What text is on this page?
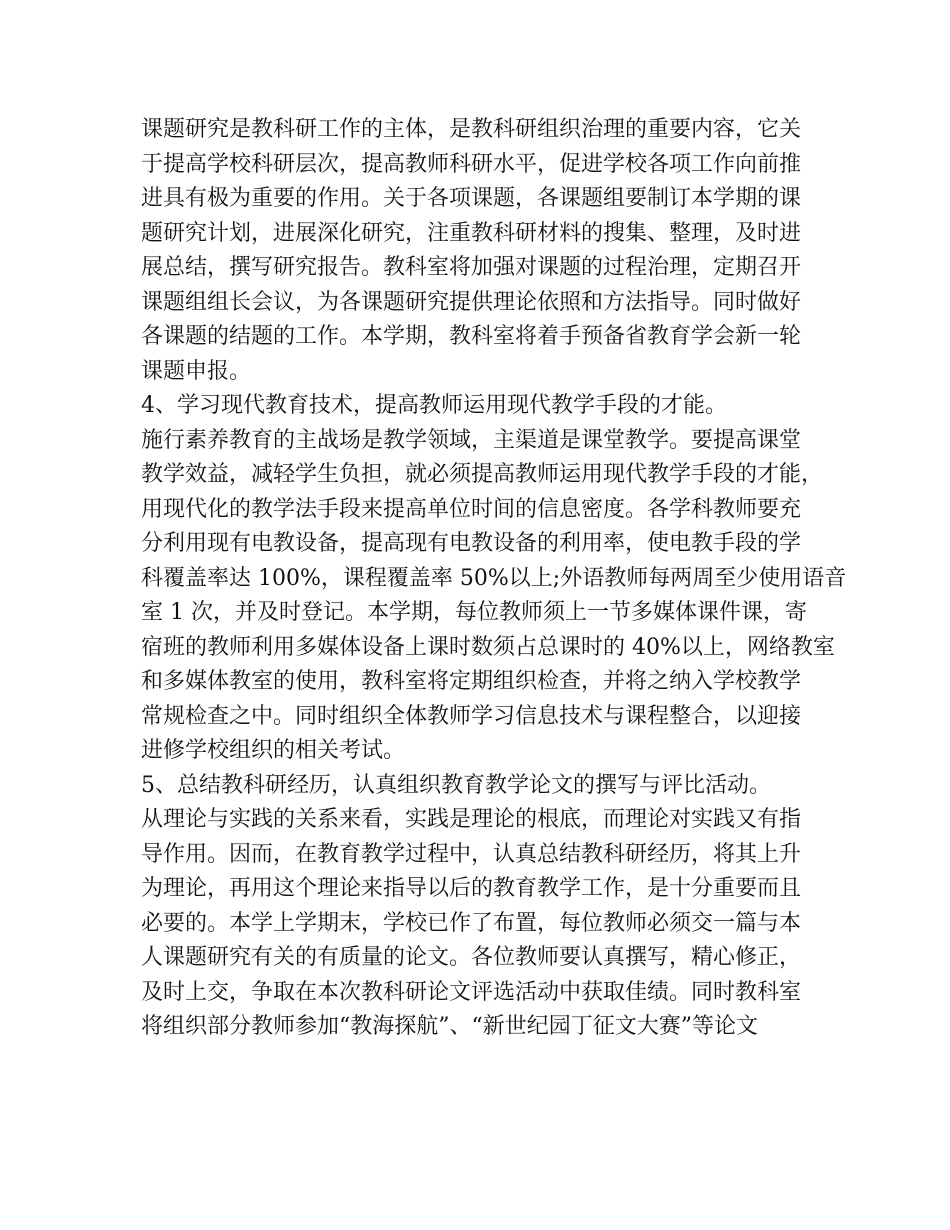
课题研究是教科研工作的主体，是教科研组织治理的重要内容，它关
于提高学校科研层次，提高教师科研水平，促进学校各项工作向前推
进具有极为重要的作用。关于各项课题，各课题组要制订本学期的课
题研究计划，进展深化研究，注重教科研材料的搜集、整理，及时进
展总结，撰写研究报告。教科室将加强对课题的过程治理，定期召开
课题组组长会议，为各课题研究提供理论依照和方法指导。同时做好
各课题的结题的工作。本学期，教科室将着手预备省教育学会新一轮
课题申报。
4、学习现代教育技术，提高教师运用现代教学手段的才能。
施行素养教育的主战场是教学领域，主渠道是课堂教学。要提高课堂
教学效益，减轻学生负担，就必须提高教师运用现代教学手段的才能，
用现代化的教学法手段来提高单位时间的信息密度。各学科教师要充
分利用现有电教设备，提高现有电教设备的利用率，使电教手段的学
科覆盖率达 100%，课程覆盖率 50%以上;外语教师每两周至少使用语音
室 1 次，并及时登记。本学期，每位教师须上一节多媒体课件课，寄
宿班的教师利用多媒体设备上课时数须占总课时的 40%以上，网络教室
和多媒体教室的使用，教科室将定期组织检查，并将之纳入学校教学
常规检查之中。同时组织全体教师学习信息技术与课程整合，以迎接
进修学校组织的相关考试。
5、总结教科研经历，认真组织教育教学论文的撰写与评比活动。
从理论与实践的关系来看，实践是理论的根底，而理论对实践又有指
导作用。因而，在教育教学过程中，认真总结教科研经历，将其上升
为理论，再用这个理论来指导以后的教育教学工作，是十分重要而且
必要的。本学上学期末，学校已作了布置，每位教师必须交一篇与本
人课题研究有关的有质量的论文。各位教师要认真撰写，精心修正，
及时上交，争取在本次教科研论文评选活动中获取佳绩。同时教科室
将组织部分教师参加“教海探航”、“新世纪园丁征文大赛”等论文
